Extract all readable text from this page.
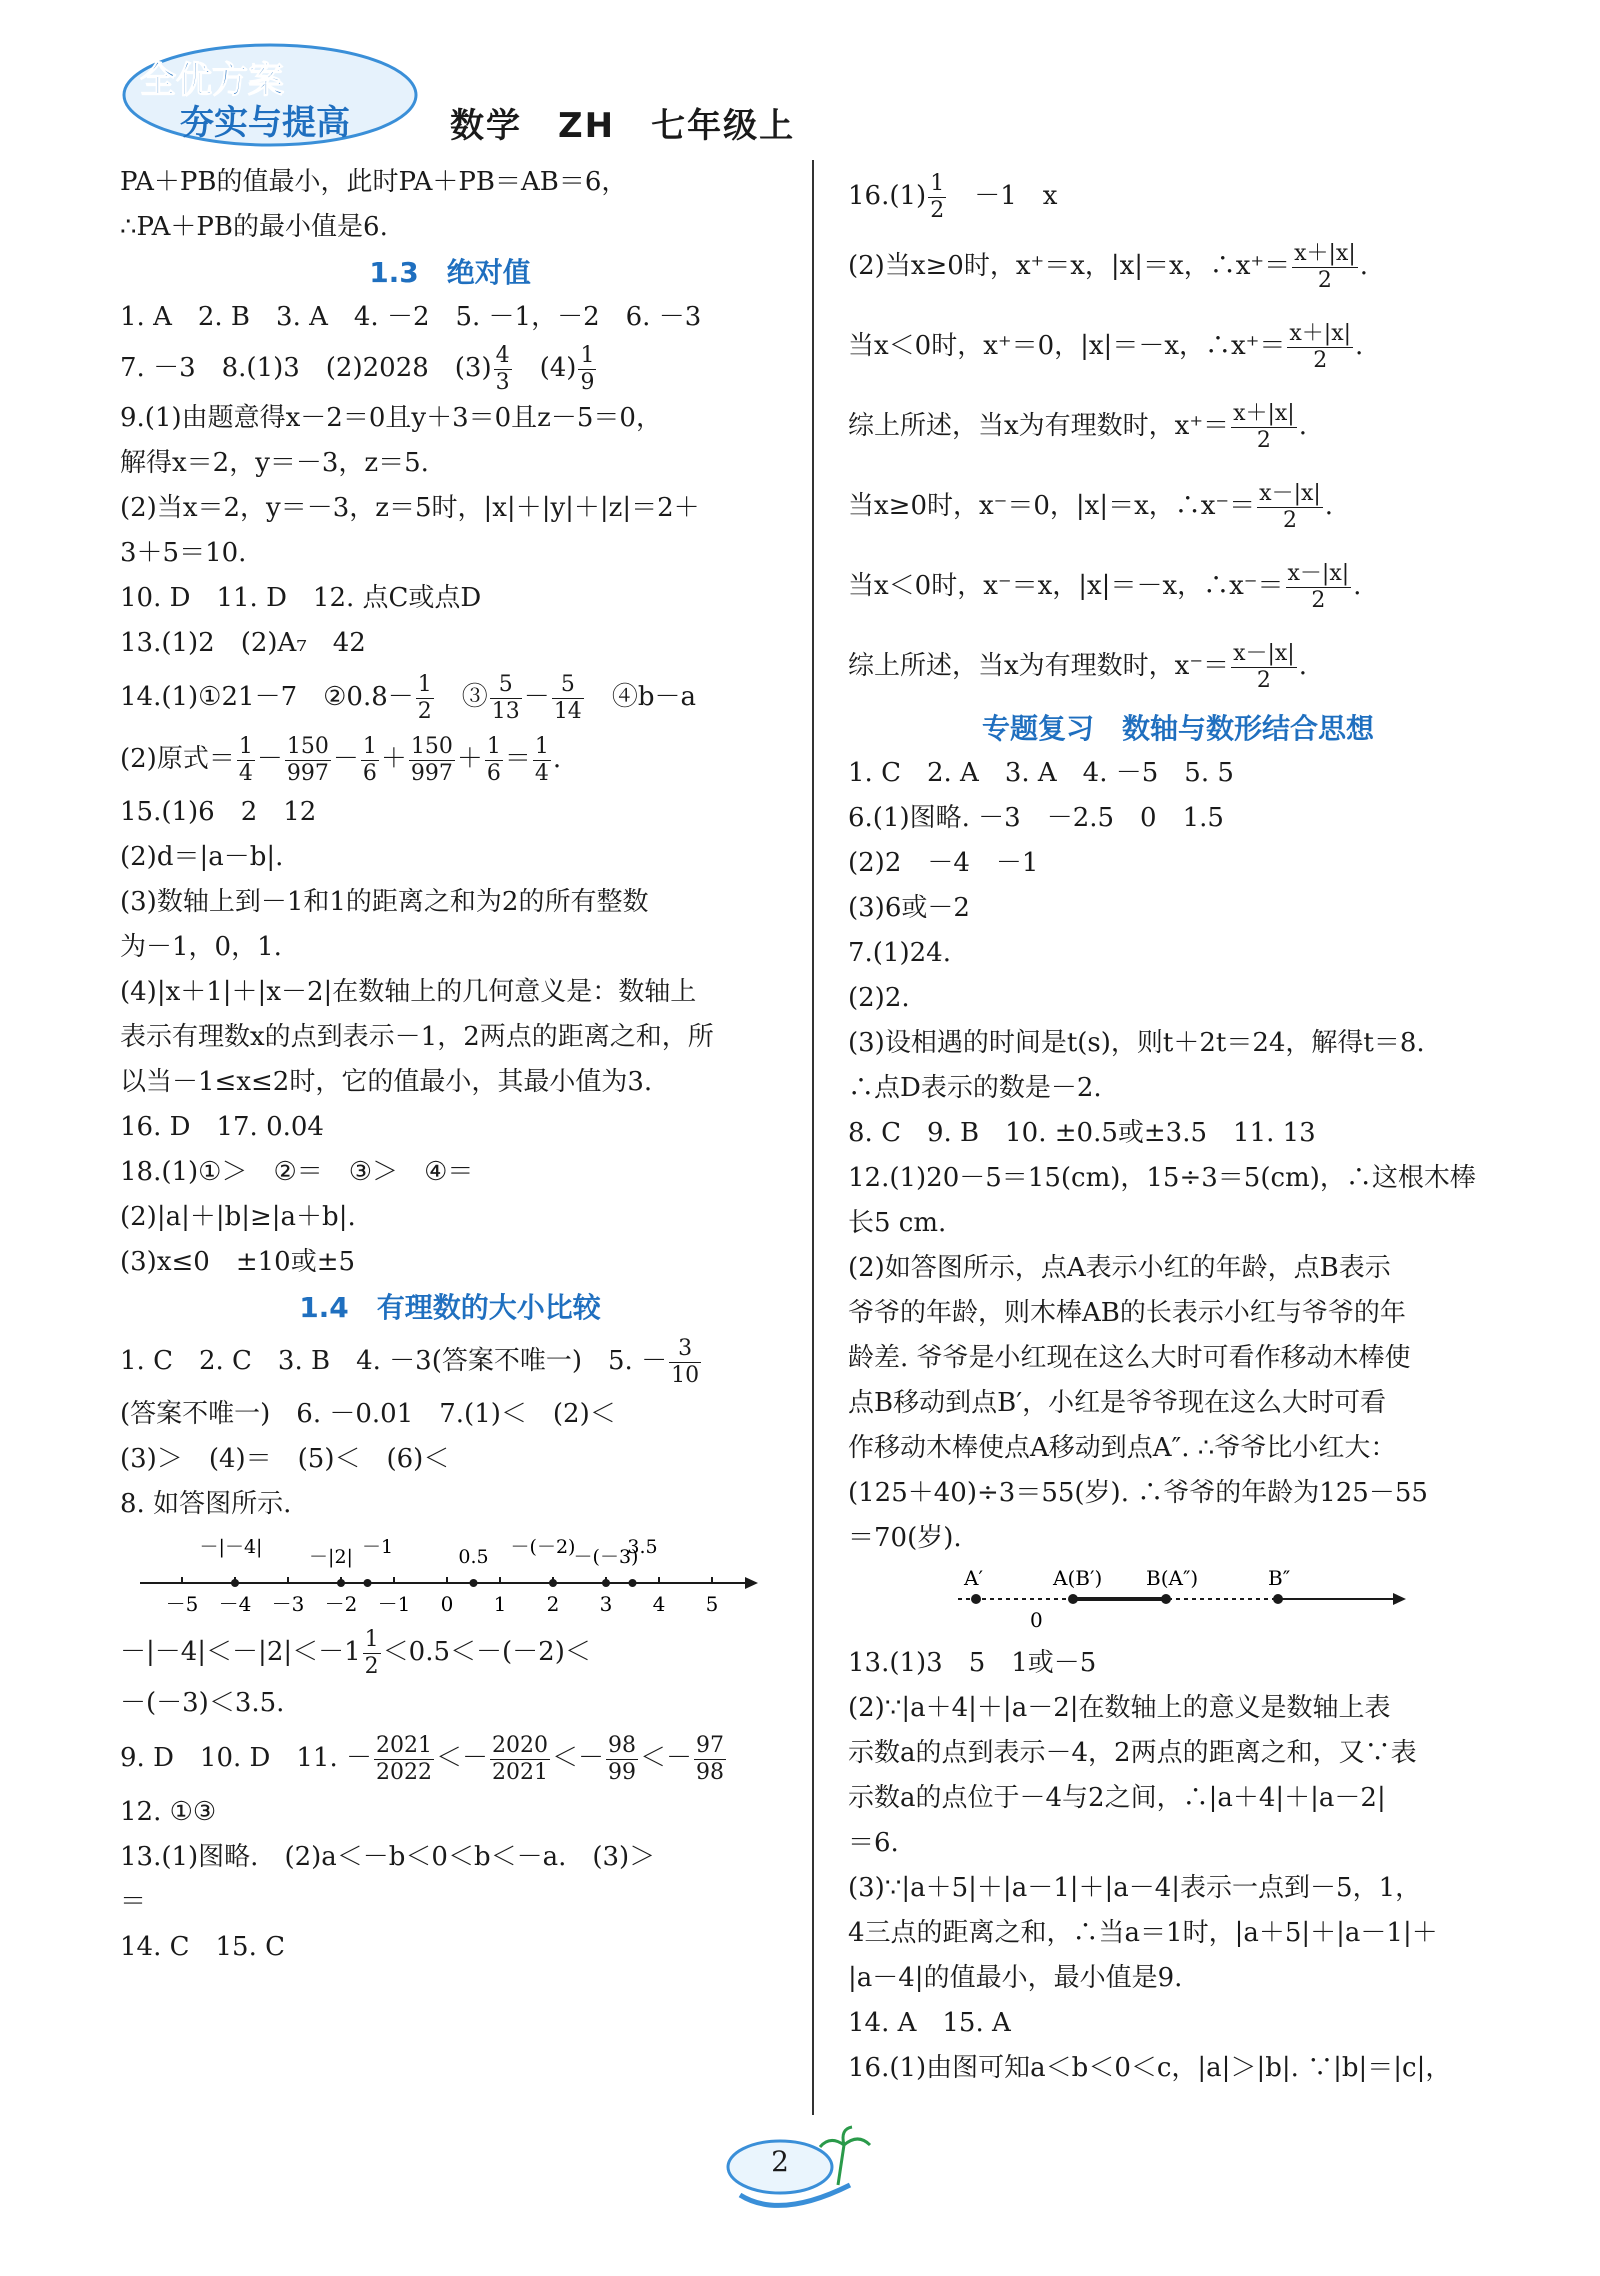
全优方案
夯实与提高	数学　ZH　七年级上
PA＋PB的值最小，此时PA＋PB＝AB＝6，
∴PA＋PB的最小值是6.
1.3　绝对值
1. A　2. B　3. A　4. －2　5. －1，－2　6. －3
7. －3　8.(1)3　(2)2028　$(3) \frac{4}{3}$ 　$(4) \frac{1}{9}$
9.(1)由题意得x－2＝0且y＋3＝0且z－5＝0，
解得x＝2，y＝－3，z＝5.
(2)当x＝2，y＝－3，z＝5时，|x|＋|y|＋|z|＝2＋
3＋5＝10.
10. D　11. D　12. 点C或点D
13.(1)2　(2)A₇　42
14.(1)①21－7　②0.8－ $\frac{1}{2}$ 　③ $\frac{5}{13} - \frac{5}{14}$ 　④b－a
(2)原式＝ $\frac{1}{4} - \frac{150}{997} - \frac{1}{6} + \frac{150}{997} + \frac{1}{6} = \frac{1}{4}$ .
15.(1)6　2　12
(2)d＝|a－b|.
(3)数轴上到－1和1的距离之和为2的所有整数
为－1，0，1.
(4)|x＋1|＋|x－2|在数轴上的几何意义是：数轴上
表示有理数x的点到表示－1，2两点的距离之和，所
以当－1≤x≤2时，它的值最小，其最小值为3.
16. D　17. 0.04
18.(1)①＞　②＝　③＞　④＝
(2)|a|＋|b|≥|a＋b|.
(3)x≤0　±10或±5
1.4　有理数的大小比较
1. C　2. C　3. B　4. －3(答案不唯一)　5. － $\frac{3}{10}$
(答案不唯一)　6. －0.01　7.(1)＜　(2)＜
(3)＞　(4)＝　(5)＜　(6)＜
8. 如答图所示.
－5 －4 －3 －2 －1 0 1 2 3 4 5
－|－4| －|2| －1	0.5 －(－2)
－(－3)
3.5
$-|-4|<-|2|<-1 \frac{1}{2} <0.5<-(-2)<$
－(－3)＜3.5.
9. D　10. D　11. － $\frac{2021}{2022} <- \frac{2020}{2021} <- \frac{98}{99} <- \frac{97}{98}$
12. ①③
13.(1)图略.　(2)a＜－b＜0＜b＜－a.　(3)＞
＝
14. C　15. C
$16.(1) \frac{1}{2}$ 　－1　x
(2)当x≥0时，x⁺＝x，|x|＝x，∴x⁺＝ $\frac{x+|x|}{2}$ .
当x＜0时，x⁺＝0，|x|＝－x，∴x⁺＝ $\frac{x+|x|}{2}$ .
综上所述，当x为有理数时，$x^+= \frac{x+|x|}{2}$ .
当x≥0时，x⁻＝0，|x|＝x，∴x⁻＝ $\frac{x-|x|}{2}$ .
当x＜0时，x⁻＝x，|x|＝－x，∴x⁻＝ $\frac{x-|x|}{2}$ .
综上所述，当x为有理数时，$x^-= \frac{x-|x|}{2}$ .
专题复习　数轴与数形结合思想
1. C　2. A　3. A　4. －5　5. 5
6.(1)图略. －3　－2.5　0　1.5
(2)2　－4　－1
(3)6或－2
7.(1)24.
(2)2.
(3)设相遇的时间是t(s)，则t＋2t＝24，解得t＝8.
∴点D表示的数是－2.
8. C　9. B　10. ±0.5或±3.5　11. 13
12.(1)20－5＝15(cm)，15÷3＝5(cm)，∴这根木棒
长5 cm.
(2)如答图所示，点A表示小红的年龄，点B表示
爷爷的年龄，则木棒AB的长表示小红与爷爷的年
龄差. 爷爷是小红现在这么大时可看作移动木棒使
点B移动到点B′，小红是爷爷现在这么大时可看
作移动木棒使点A移动到点A″. ∴爷爷比小红大：
(125＋40)÷3＝55(岁). ∴爷爷的年龄为125－55
＝70(岁).
A′	A(B′) B(A″)	B″
0
13.(1)3　5　1或－5
(2)∵|a＋4|＋|a－2|在数轴上的意义是数轴上表
示数a的点到表示－4，2两点的距离之和，又∵表
示数a的点位于－4与2之间，∴|a＋4|＋|a－2|
＝6.
(3)∵|a＋5|＋|a－1|＋|a－4|表示一点到－5，1，
4三点的距离之和，∴当a＝1时，|a＋5|＋|a－1|＋
|a－4|的值最小，最小值是9.
14. A　15. A
16.(1)由图可知a＜b＜0＜c，|a|＞|b|. ∵|b|＝|c|，
2
